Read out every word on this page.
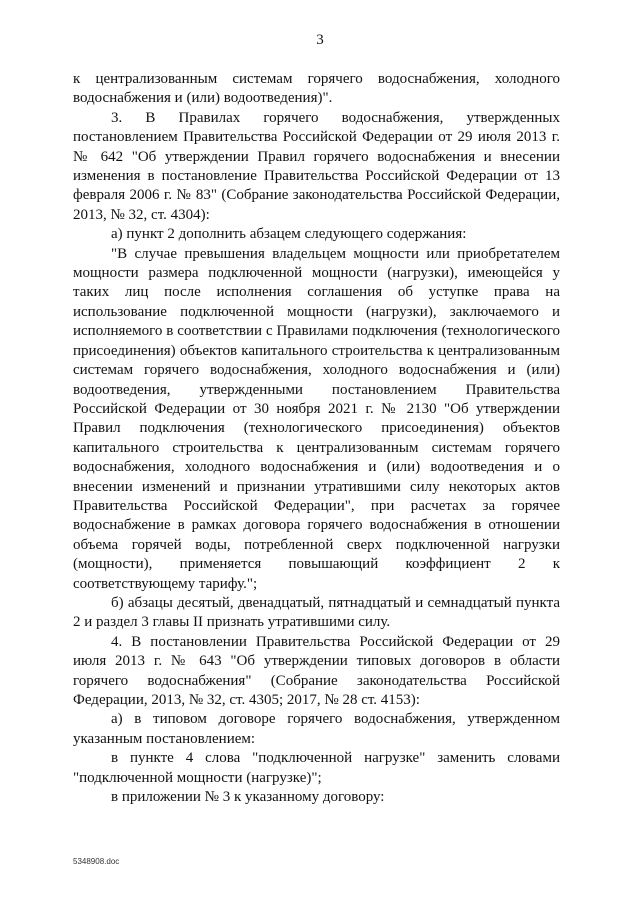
3

к централизованным системам горячего водоснабжения, холодного водоснабжения и (или) водоотведения)".

3. В Правилах горячего водоснабжения, утвержденных постановлением Правительства Российской Федерации от 29 июля 2013 г. № 642 "Об утверждении Правил горячего водоснабжения и внесении изменения в постановление Правительства Российской Федерации от 13 февраля 2006 г. № 83" (Собрание законодательства Российской Федерации, 2013, № 32, ст. 4304):

а) пункт 2 дополнить абзацем следующего содержания:

"В случае превышения владельцем мощности или приобретателем мощности размера подключенной мощности (нагрузки), имеющейся у таких лиц после исполнения соглашения об уступке права на использование подключенной мощности (нагрузки), заключаемого и исполняемого в соответствии с Правилами подключения (технологического присоединения) объектов капитального строительства к централизованным системам горячего водоснабжения, холодного водоснабжения и (или) водоотведения, утвержденными постановлением Правительства Российской Федерации от 30 ноября 2021 г. № 2130 "Об утверждении Правил подключения (технологического присоединения) объектов капитального строительства к централизованным системам горячего водоснабжения, холодного водоснабжения и (или) водоотведения и о внесении изменений и признании утратившими силу некоторых актов Правительства Российской Федерации", при расчетах за горячее водоснабжение в рамках договора горячего водоснабжения в отношении объема горячей воды, потребленной сверх подключенной нагрузки (мощности), применяется повышающий коэффициент 2 к соответствующему тарифу.";

б) абзацы десятый, двенадцатый, пятнадцатый и семнадцатый пункта 2 и раздел 3 главы II признать утратившими силу.

4. В постановлении Правительства Российской Федерации от 29 июля 2013 г. № 643 "Об утверждении типовых договоров в области горячего водоснабжения" (Собрание законодательства Российской Федерации, 2013, № 32, ст. 4305; 2017, № 28 ст. 4153):

а) в типовом договоре горячего водоснабжения, утвержденном указанным постановлением:

в пункте 4 слова "подключенной нагрузке" заменить словами "подключенной мощности (нагрузке)";

в приложении № 3 к указанному договору:

5348908.doc
